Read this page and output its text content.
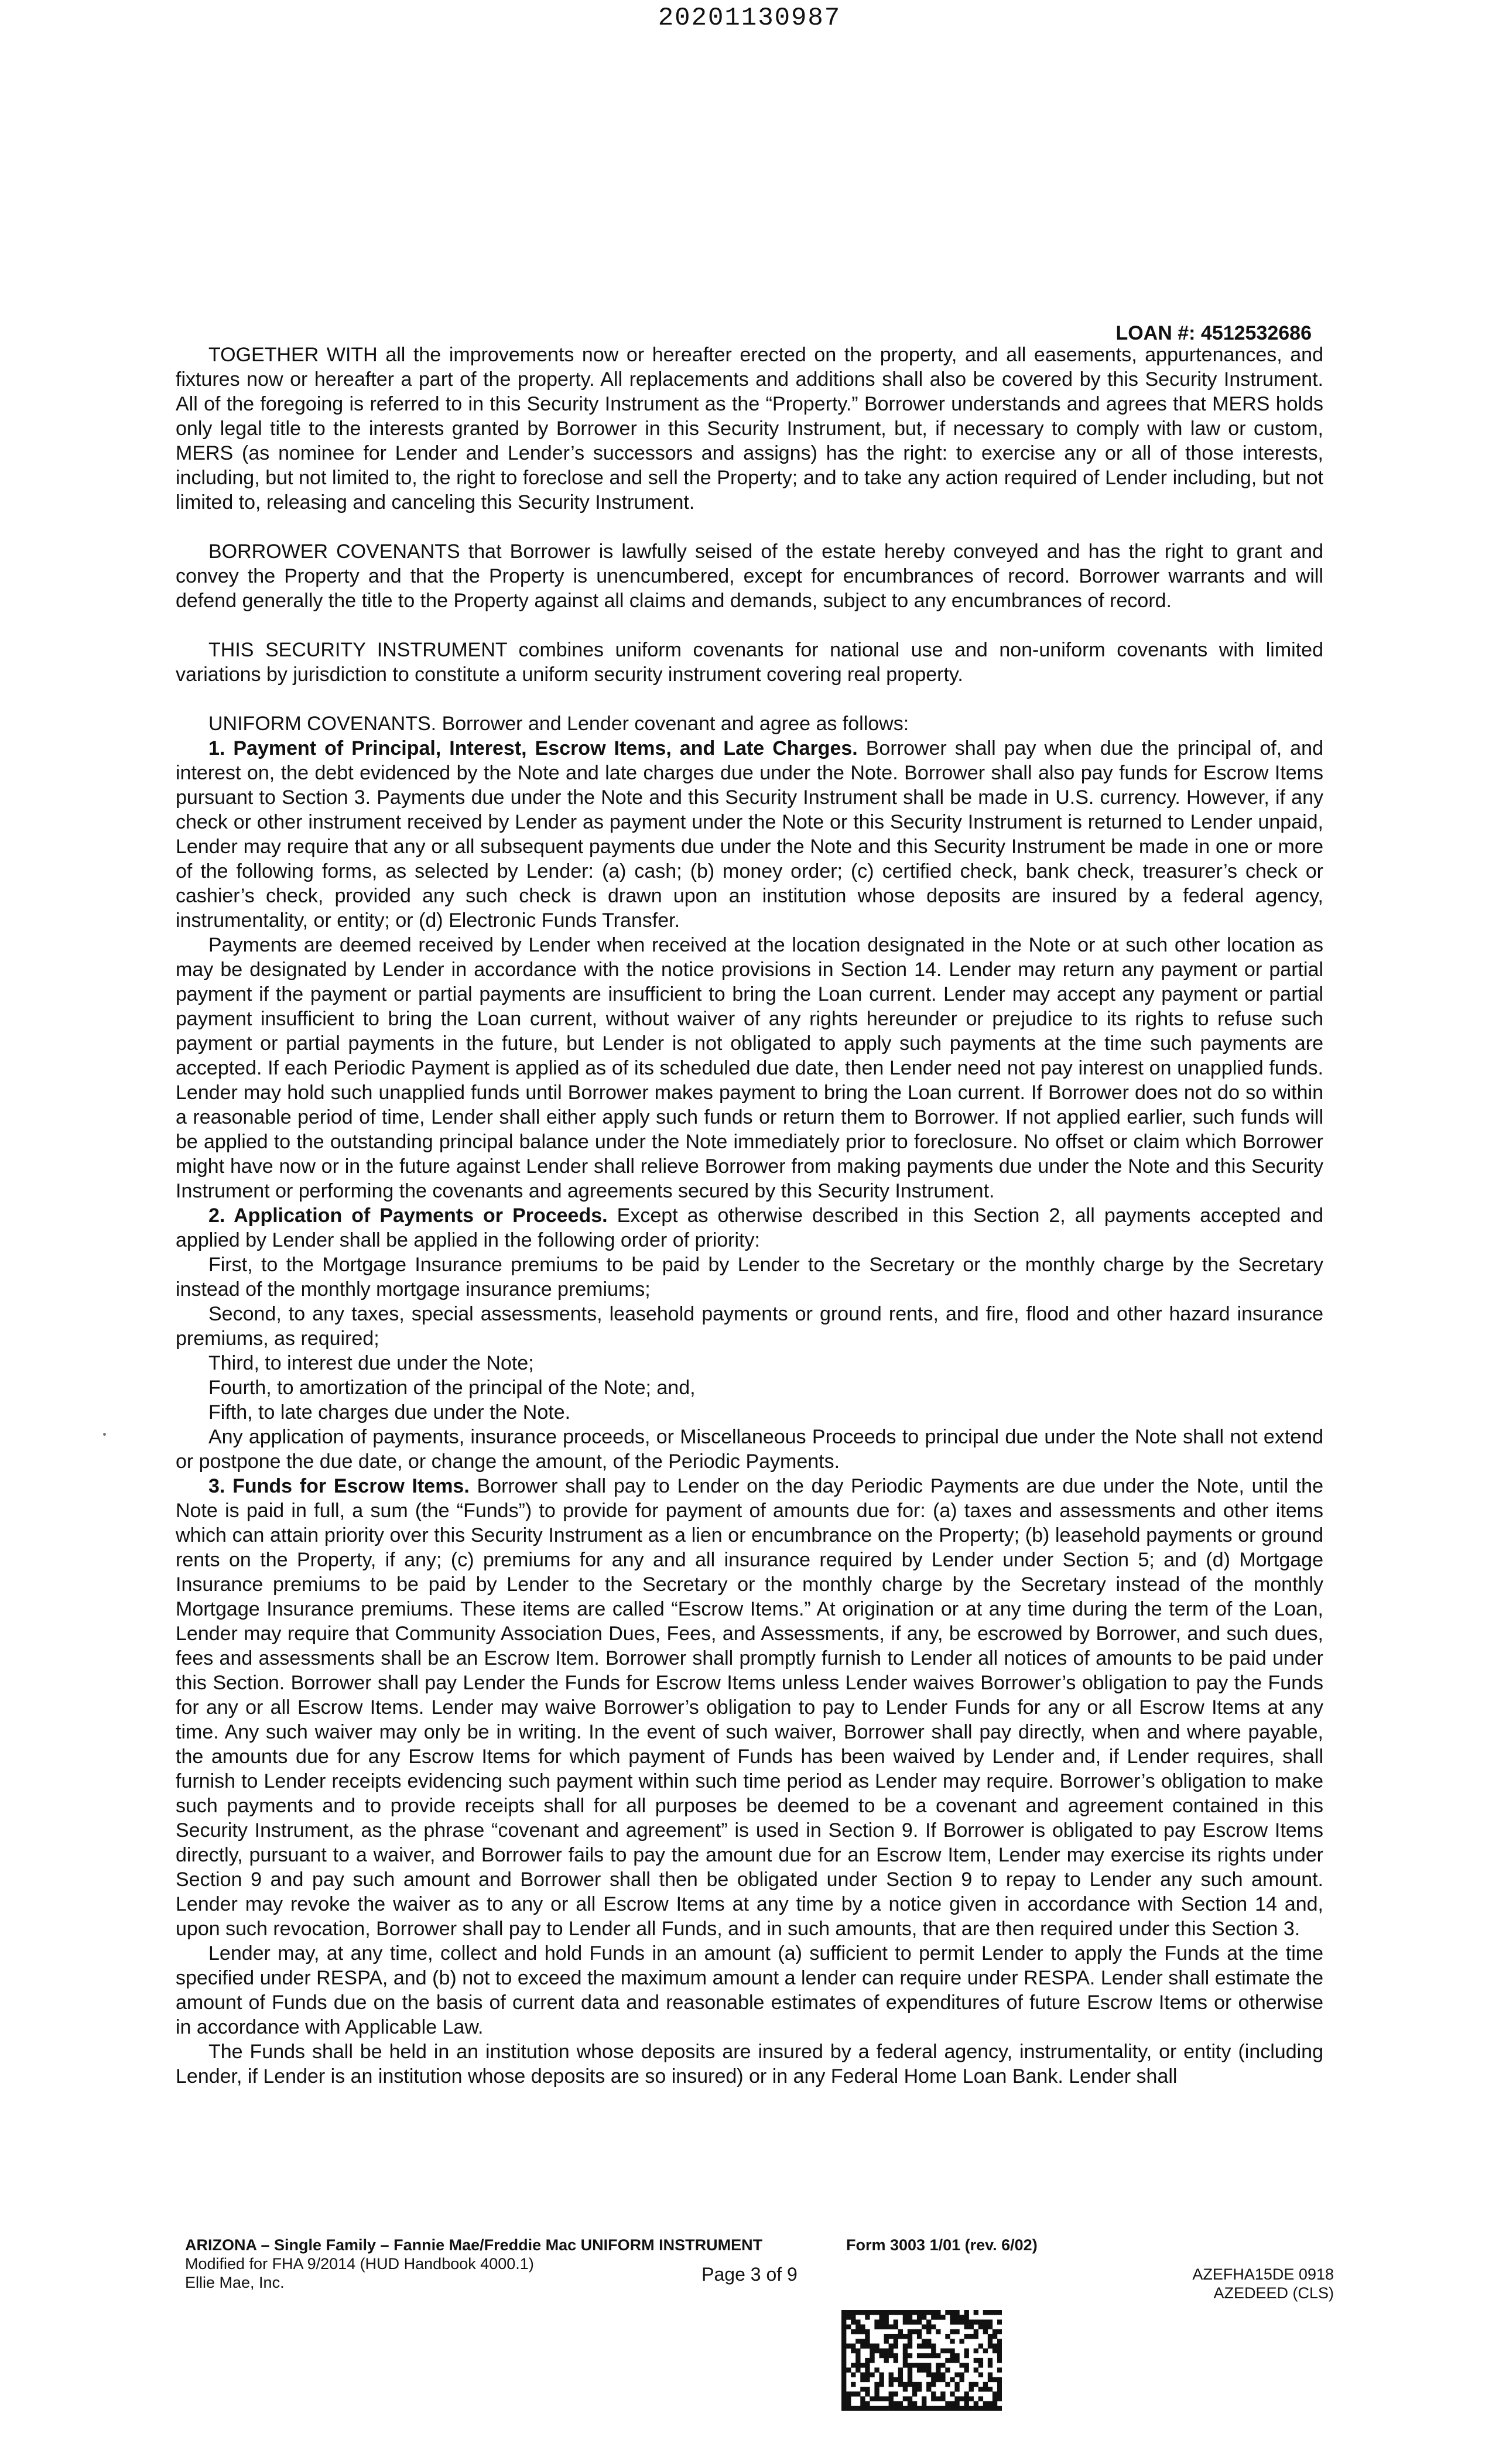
20201130987
LOAN #: 4512532686

TOGETHER WITH all the improvements now or hereafter erected on the property, and all easements, appurtenances, and fixtures now or hereafter a part of the property. All replacements and additions shall also be covered by this Security Instrument. All of the foregoing is referred to in this Security Instrument as the “Property.” Borrower understands and agrees that MERS holds only legal title to the interests granted by Borrower in this Security Instrument, but, if necessary to comply with law or custom, MERS (as nominee for Lender and Lender’s successors and assigns) has the right: to exercise any or all of those interests, including, but not limited to, the right to foreclose and sell the Property; and to take any action required of Lender including, but not limited to, releasing and canceling this Security Instrument.

BORROWER COVENANTS that Borrower is lawfully seised of the estate hereby conveyed and has the right to grant and convey the Property and that the Property is unencumbered, except for encumbrances of record. Borrower warrants and will defend generally the title to the Property against all claims and demands, subject to any encumbrances of record.

THIS SECURITY INSTRUMENT combines uniform covenants for national use and non-uniform covenants with limited variations by jurisdiction to constitute a uniform security instrument covering real property.

UNIFORM COVENANTS. Borrower and Lender covenant and agree as follows:

1. Payment of Principal, Interest, Escrow Items, and Late Charges. Borrower shall pay when due the principal of, and interest on, the debt evidenced by the Note and late charges due under the Note. Borrower shall also pay funds for Escrow Items pursuant to Section 3. Payments due under the Note and this Security Instrument shall be made in U.S. currency. However, if any check or other instrument received by Lender as payment under the Note or this Security Instrument is returned to Lender unpaid, Lender may require that any or all subsequent payments due under the Note and this Security Instrument be made in one or more of the following forms, as selected by Lender: (a) cash; (b) money order; (c) certified check, bank check, treasurer’s check or cashier’s check, provided any such check is drawn upon an institution whose deposits are insured by a federal agency, instrumentality, or entity; or (d) Electronic Funds Transfer.

Payments are deemed received by Lender when received at the location designated in the Note or at such other location as may be designated by Lender in accordance with the notice provisions in Section 14. Lender may return any payment or partial payment if the payment or partial payments are insufficient to bring the Loan current. Lender may accept any payment or partial payment insufficient to bring the Loan current, without waiver of any rights hereunder or prejudice to its rights to refuse such payment or partial payments in the future, but Lender is not obligated to apply such payments at the time such payments are accepted. If each Periodic Payment is applied as of its scheduled due date, then Lender need not pay interest on unapplied funds. Lender may hold such unapplied funds until Borrower makes payment to bring the Loan current. If Borrower does not do so within a reasonable period of time, Lender shall either apply such funds or return them to Borrower. If not applied earlier, such funds will be applied to the outstanding principal balance under the Note immediately prior to foreclosure. No offset or claim which Borrower might have now or in the future against Lender shall relieve Borrower from making payments due under the Note and this Security Instrument or performing the covenants and agreements secured by this Security Instrument.

2. Application of Payments or Proceeds. Except as otherwise described in this Section 2, all payments accepted and applied by Lender shall be applied in the following order of priority:

First, to the Mortgage Insurance premiums to be paid by Lender to the Secretary or the monthly charge by the Secretary instead of the monthly mortgage insurance premiums;

Second, to any taxes, special assessments, leasehold payments or ground rents, and fire, flood and other hazard insurance premiums, as required;

Third, to interest due under the Note;

Fourth, to amortization of the principal of the Note; and,

Fifth, to late charges due under the Note.

Any application of payments, insurance proceeds, or Miscellaneous Proceeds to principal due under the Note shall not extend or postpone the due date, or change the amount, of the Periodic Payments.

3. Funds for Escrow Items. Borrower shall pay to Lender on the day Periodic Payments are due under the Note, until the Note is paid in full, a sum (the “Funds”) to provide for payment of amounts due for: (a) taxes and assessments and other items which can attain priority over this Security Instrument as a lien or encumbrance on the Property; (b) leasehold payments or ground rents on the Property, if any; (c) premiums for any and all insurance required by Lender under Section 5; and (d) Mortgage Insurance premiums to be paid by Lender to the Secretary or the monthly charge by the Secretary instead of the monthly Mortgage Insurance premiums. These items are called “Escrow Items.” At origination or at any time during the term of the Loan, Lender may require that Community Association Dues, Fees, and Assessments, if any, be escrowed by Borrower, and such dues, fees and assessments shall be an Escrow Item. Borrower shall promptly furnish to Lender all notices of amounts to be paid under this Section. Borrower shall pay Lender the Funds for Escrow Items unless Lender waives Borrower’s obligation to pay the Funds for any or all Escrow Items. Lender may waive Borrower’s obligation to pay to Lender Funds for any or all Escrow Items at any time. Any such waiver may only be in writing. In the event of such waiver, Borrower shall pay directly, when and where payable, the amounts due for any Escrow Items for which payment of Funds has been waived by Lender and, if Lender requires, shall furnish to Lender receipts evidencing such payment within such time period as Lender may require. Borrower’s obligation to make such payments and to provide receipts shall for all purposes be deemed to be a covenant and agreement contained in this Security Instrument, as the phrase “covenant and agreement” is used in Section 9. If Borrower is obligated to pay Escrow Items directly, pursuant to a waiver, and Borrower fails to pay the amount due for an Escrow Item, Lender may exercise its rights under Section 9 and pay such amount and Borrower shall then be obligated under Section 9 to repay to Lender any such amount. Lender may revoke the waiver as to any or all Escrow Items at any time by a notice given in accordance with Section 14 and, upon such revocation, Borrower shall pay to Lender all Funds, and in such amounts, that are then required under this Section 3.

Lender may, at any time, collect and hold Funds in an amount (a) sufficient to permit Lender to apply the Funds at the time specified under RESPA, and (b) not to exceed the maximum amount a lender can require under RESPA. Lender shall estimate the amount of Funds due on the basis of current data and reasonable estimates of expenditures of future Escrow Items or otherwise in accordance with Applicable Law.

The Funds shall be held in an institution whose deposits are insured by a federal agency, instrumentality, or entity (including Lender, if Lender is an institution whose deposits are so insured) or in any Federal Home Loan Bank. Lender shall

ARIZONA – Single Family – Fannie Mae/Freddie Mac UNIFORM INSTRUMENT
Modified for FHA 9/2014 (HUD Handbook 4000.1)
Ellie Mae, Inc.
Form 3003 1/01 (rev. 6/02)
Page 3 of 9	AZEFHA15DE 0918
AZEDEED (CLS)
